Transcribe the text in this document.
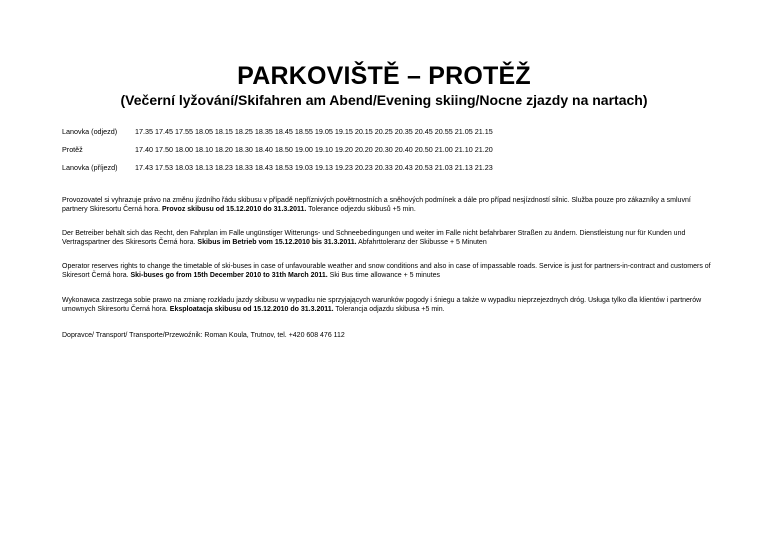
PARKOVIŠTĚ – PROTĚŽ
(Večerní lyžování/Skifahren am Abend/Evening skiing/Nocne zjazdy na nartach)
Lanovka (odjezd) 17.35 17.45 17.55 18.05 18.15 18.25 18.35 18.45 18.55 19.05 19.15 20.15 20.25 20.35 20.45 20.55 21.05 21.15
Protěž	17.40 17.50 18.00 18.10 18.20 18.30 18.40 18.50 19.00 19.10 19.20 20.20 20.30 20.40 20.50 21.00 21.10 21.20
Lanovka (příjezd) 17.43 17.53 18.03 18.13 18.23 18.33 18.43 18.53 19.03 19.13 19.23 20.23 20.33 20.43 20.53 21.03 21.13 21.23
Provozovatel si vyhrazuje právo na změnu jízdního řádu skibusu v případě nepříznivých povětrnostních a sněhových podmínek a dále pro případ nesjízdností silnic. Služba pouze pro zákazníky a smluvní partnery Skiresortu Černá hora. Provoz skibusu od 15.12.2010 do 31.3.2011. Tolerance odjezdu skibusů +5 min.
Der Betreiber behält sich das Recht, den Fahrplan im Falle ungünstiger Witterungs- und Schneebedingungen und weiter im Falle nicht befahrbarer Straßen zu ändern. Dienstleistung nur für Kunden und Vertragspartner des Skiresorts Černá hora. Skibus im Betrieb vom 15.12.2010 bis 31.3.2011. Abfahrttoleranz der Skibusse + 5 Minuten
Operator reserves rights to change the timetable of ski-buses in case of unfavourable weather and snow conditions and also in case of impassable roads. Service is just for partners-in-contract and customers of Skiresort Černá hora. Ski-buses go from 15th December 2010 to 31th March 2011. Ski Bus time allowance + 5 minutes
Wykonawca zastrzega sobie prawo na zmianę rozkładu jazdy skibusu w wypadku nie sprzyjających warunków pogody i śniegu a także w wypadku nieprzejezdnych dróg. Usługa tylko dla klientów i partnerów umownych Skiresortu Černá hora. Eksploatacja skibusu od 15.12.2010 do 31.3.2011. Tolerancja odjazdu skibusa +5 min.
Dopravce/ Transport/ Transporte/Przewoźnik: Roman Koula, Trutnov, tel. +420 608 476 112
